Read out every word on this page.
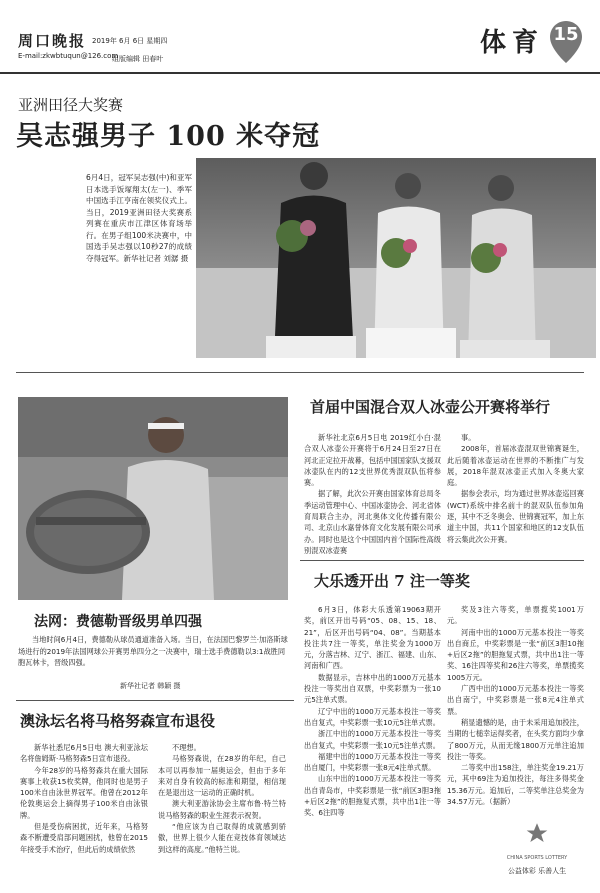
周口晚报 2019年 6月 6日 星期四
E-mail:zkwbtuqun@126.com
组版编辑 田春叶
体育 15
亚洲田径大奖赛
吴志强男子 100 米夺冠
6月4日，冠军吴志强(中)和亚军日本选手饭塚翔太(左一)、季军中国选手江亨南在领奖仪式上。当日，2019亚洲田径大奖赛系列赛在重庆市江津区体育场举行。在男子组100米决赛中，中国选手吴志强以10秒27的成绩夺得冠军。新华社记者 刘潺 摄
法网：费德勒晋级男单四强
当地时间6月4日，费德勒从球员通道准备入场。当日，在法国巴黎罗兰·加洛斯球场进行的2019年法国网球公开赛男单四分之一决赛中，瑞士选手费德勒以3:1战胜同胞瓦林卡，晋级四强。
新华社记者 韩颖 摄
澳泳坛名将马格努森宣布退役

新华社悉尼6月5日电 澳大利亚泳坛名将詹姆斯·马格努森5日宣布退役。

今年28岁的马格努森共在重大国际赛事上收获15枚奖牌，他同时也是男子100米自由泳世界冠军。他曾在2012年伦敦奥运会上摘得男子100米自由泳银牌。

但是受伤病困扰，近年来，马格努森不断遭受肩部问题困扰，他曾在2015年接受手术治疗，但此后的成绩依然

不理想。

马格努森说，在28岁的年纪，自己本可以再参加一届奥运会，但由于多年来对自身有较高的标准和期望，相信现在是退出这一运动的正确时机。

澳大利亚游泳协会主席布鲁·特兰特说马格努森的职业生涯表示祝贺。

“他应该为自己取得的成就感到骄傲，世界上很少人能在竞技体育领域达到这样的高度。”他特兰说。

首届中国混合双人冰壶公开赛将举行

新华社北京6月5日电 2019红小白·混合双人冰壶公开赛将于6月24日至27日在河北正定拉开战幕，包括中国国家队支援双冰壶队在内的12支世界优秀混双队伍将参赛。

据了解，此次公开赛由国家体育总局冬季运动管理中心、中国冰壶协会、河北省体育局联合主办，河北奥体文化传播有限公司、北京山水嘉誉体育文化发展有限公司承办。同时也是这个中国国内首个国际性高级别混双冰壶赛

事。

2008年，首届冰壶混双世锦赛诞生，此后随着冰壶运动在世界的不断推广与发展，2018年混双冰壶正式加入冬奥大家庭。

据参会表示，均为通过世界冰壶巡回赛(WCT)系统中排名前十的混双队伍参加角逐，其中不乏冬奥会、世锦赛冠军，加上东道主中国，共11个国家和地区的12支队伍将云集此次公开赛。

大乐透开出 7 注一等奖

6月3日，体彩大乐透第19063期开奖，前区开出号码“05、08、15、18、21”，后区开出号码“04、08”。当期基本投注共7注一等奖，单注奖金为1000万元，分落吉林、辽宁、浙江、福建、山东、河南和广西。

数据显示，吉林中出的1000万元基本投注一等奖出自双票，中奖彩票为一张10元5注单式票。

辽宁中出的1000万元基本投注一等奖出自复式，中奖彩票一张10元5注单式票。

浙江中出的1000万元基本投注一等奖出自复式，中奖彩票一张10元5注单式票。

福建中出的1000万元基本投注一等奖出自厦门，中奖彩票一张8元4注单式票。

山东中出的1000万元基本投注一等奖出自青岛市，中奖彩票是一张“前区3胆3拖+后区2拖”的胆拖复式票，共中出1注一等奖、6注四等

奖及3注六等奖，单票揽奖1001万元。

河南中出的1000万元基本投注一等奖出自商丘，中奖彩票是一张“前区3胆10拖+后区2拖”的胆拖复式票，共中出1注一等奖、16注四等奖和26注六等奖，单票揽奖1005万元。

广西中出的1000万元基本投注一等奖出自南宁，中奖彩票是一张8元4注单式票。

稍显遗憾的是，由于未采用追加投注，当期的七槌幸运得奖者，在头奖方面均少拿了800万元，从而无缘1800万元单注追加投注一等奖。

二等奖中出158注，单注奖金19.21万元，其中69注为追加投注，每注多得奖金15.36万元。追加后，二等奖单注总奖金为34.57万元。（据新）

CHINA SPORTS LOTTERY
公益体彩 乐善人生
